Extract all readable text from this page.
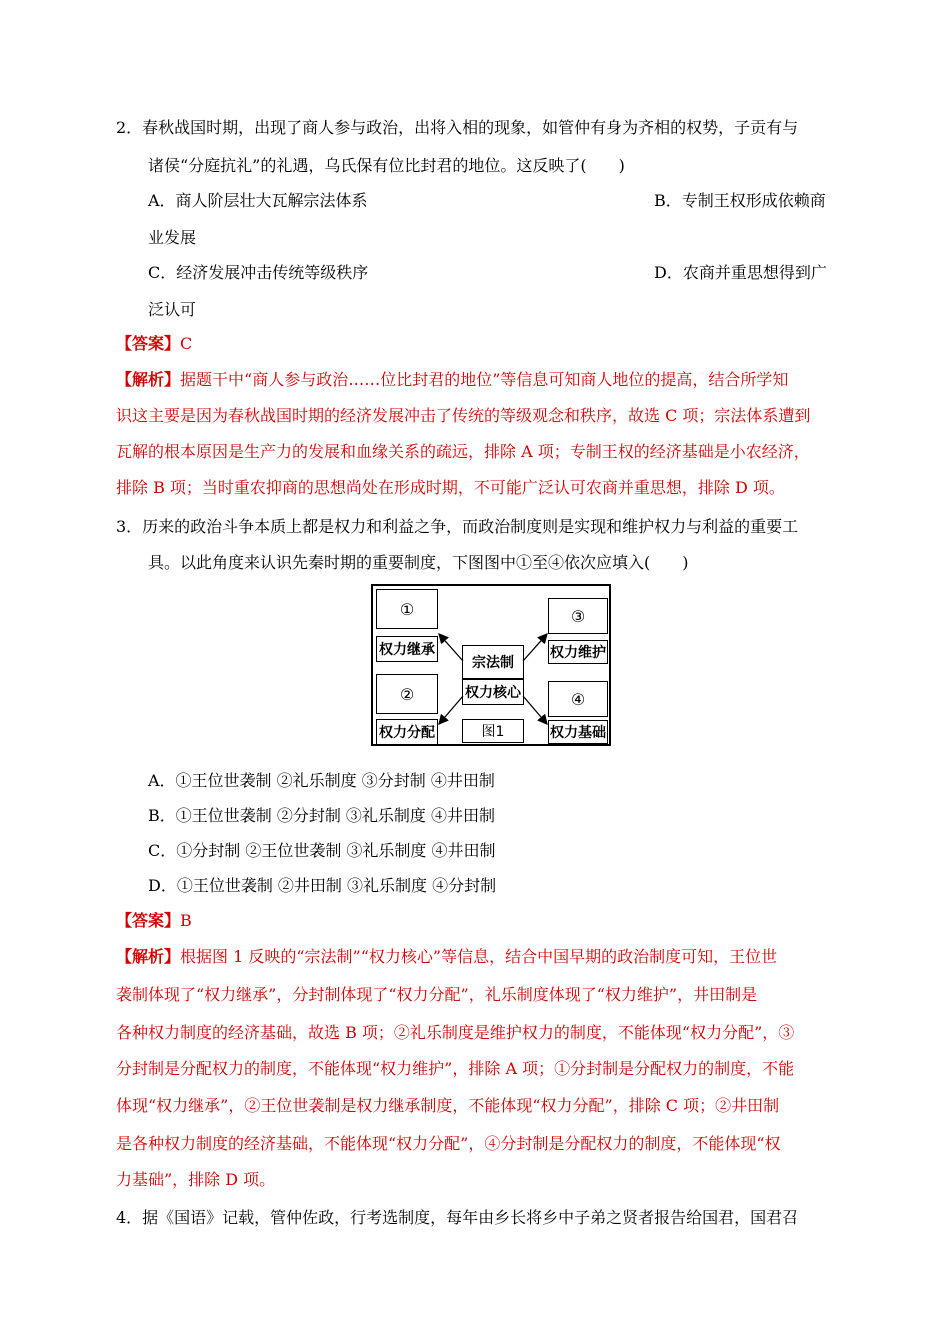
2．春秋战国时期，出现了商人参与政治，出将入相的现象，如管仲有身为齐相的权势，子贡有与
诸侯“分庭抗礼”的礼遇，乌氏保有位比封君的地位。这反映了(　　)
A．商人阶层壮大瓦解宗法体系	B．专制王权形成依赖商
业发展
C．经济发展冲击传统等级秩序	D．农商并重思想得到广
泛认可
【答案】C
【解析】据题干中“商人参与政治……位比封君的地位”等信息可知商人地位的提高，结合所学知
识这主要是因为春秋战国时期的经济发展冲击了传统的等级观念和秩序，故选 C 项；宗法体系遭到
瓦解的根本原因是生产力的发展和血缘关系的疏远，排除 A 项；专制王权的经济基础是小农经济，
排除 B 项；当时重农抑商的思想尚处在形成时期，不可能广泛认可农商并重思想，排除 D 项。
3．历来的政治斗争本质上都是权力和利益之争，而政治制度则是实现和维护权力与利益的重要工
具。以此角度来认识先秦时期的重要制度，下图图中①至④依次应填入(　　)
①
权力继承
②
权力分配
③
权力维护
④
权力基础
宗法制
权力核心
图1
A．①王位世袭制 ②礼乐制度 ③分封制 ④井田制
B．①王位世袭制 ②分封制 ③礼乐制度 ④井田制
C．①分封制 ②王位世袭制 ③礼乐制度 ④井田制
D．①王位世袭制 ②井田制 ③礼乐制度 ④分封制
【答案】B
【解析】根据图 1 反映的“宗法制”“权力核心”等信息，结合中国早期的政治制度可知，王位世
袭制体现了“权力继承”，分封制体现了“权力分配”，礼乐制度体现了“权力维护”，井田制是
各种权力制度的经济基础，故选 B 项；②礼乐制度是维护权力的制度，不能体现“权力分配”，③
分封制是分配权力的制度，不能体现“权力维护”，排除 A 项；①分封制是分配权力的制度，不能
体现“权力继承”，②王位世袭制是权力继承制度，不能体现“权力分配”，排除 C 项；②井田制
是各种权力制度的经济基础，不能体现“权力分配”，④分封制是分配权力的制度，不能体现“权
力基础”，排除 D 项。
4．据《国语》记载，管仲佐政，行考选制度，每年由乡长将乡中子弟之贤者报告给国君，国君召
